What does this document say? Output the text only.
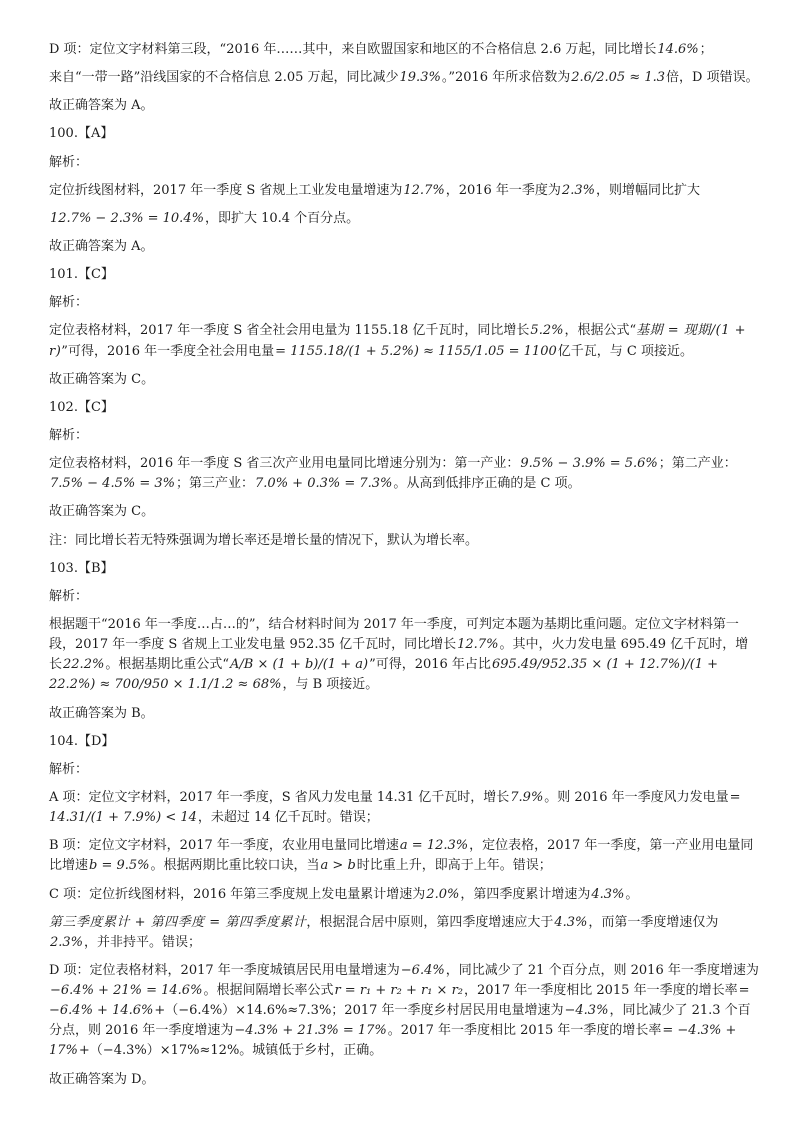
D 项：定位文字材料第三段，“2016 年……其中，来自欧盟国家和地区的不合格信息 2.6 万起，同比增长14.6%；
来自“一带一路”沿线国家的不合格信息 2.05 万起，同比减少19.3%。”2016 年所求倍数为2.6/2.05 ≈ 1.3倍，D 项错误。
故正确答案为 A。
100.【A】
解析：
定位折线图材料，2017 年一季度 S 省规上工业发电量增速为12.7%，2016 年一季度为2.3%，则增幅同比扩大
12.7% − 2.3% = 10.4%，即扩大 10.4 个百分点。
故正确答案为 A。
101.【C】
解析：
定位表格材料，2017 年一季度 S 省全社会用电量为 1155.18 亿千瓦时，同比增长5.2%，根据公式“基期 = 现期/(1 + r)”可得，2016 年一季度全社会用电量= 1155.18/(1 + 5.2%) ≈ 1155/1.05 = 1100亿千瓦，与 C 项接近。
故正确答案为 C。
102.【C】
解析：
定位表格材料，2016 年一季度 S 省三次产业用电量同比增速分别为：第一产业：9.5% − 3.9% = 5.6%；第二产业：7.5% − 4.5% = 3%；第三产业：7.0% + 0.3% = 7.3%。从高到低排序正确的是 C 项。
故正确答案为 C。
注：同比增长若无特殊强调为增长率还是增长量的情况下，默认为增长率。
103.【B】
解析：
根据题干“2016 年一季度…占…的”，结合材料时间为 2017 年一季度，可判定本题为基期比重问题。定位文字材料第一段，2017 年一季度 S 省规上工业发电量 952.35 亿千瓦时，同比增长12.7%。其中，火力发电量 695.49 亿千瓦时，增长22.2%。根据基期比重公式“A/B × (1 + b)/(1 + a)”可得，2016 年占比695.49/952.35 × (1 + 12.7%)/(1 + 22.2%) ≈ 700/950 × 1.1/1.2 ≈ 68%，与 B 项接近。
故正确答案为 B。
104.【D】
解析：
A 项：定位文字材料，2017 年一季度，S 省风力发电量 14.31 亿千瓦时，增长7.9%。则 2016 年一季度风力发电量= 14.31/(1 + 7.9%) < 14，未超过 14 亿千瓦时。错误；
B 项：定位文字材料，2017 年一季度，农业用电量同比增速a = 12.3%，定位表格，2017 年一季度，第一产业用电量同比增速b = 9.5%。根据两期比重比较口诀，当a > b时比重上升，即高于上年。错误；
C 项：定位折线图材料，2016 年第三季度规上发电量累计增速为2.0%，第四季度累计增速为4.3%。
第三季度累计 + 第四季度 = 第四季度累计，根据混合居中原则，第四季度增速应大于4.3%，而第一季度增速仅为2.3%，并非持平。错误；
D 项：定位表格材料，2017 年一季度城镇居民用电量增速为−6.4%，同比减少了 21 个百分点，则 2016 年一季度增速为−6.4% + 21% = 14.6%。根据间隔增长率公式r = r₁ + r₂ + r₁ × r₂，2017 年一季度相比 2015 年一季度的增长率= −6.4% + 14.6%+（−6.4%）×14.6%≈7.3%；2017 年一季度乡村居民用电量增速为−4.3%，同比减少了 21.3 个百分点，则 2016 年一季度增速为−4.3% + 21.3% = 17%。2017 年一季度相比 2015 年一季度的增长率= −4.3% + 17%+（−4.3%）×17%≈12%。城镇低于乡村，正确。
故正确答案为 D。
